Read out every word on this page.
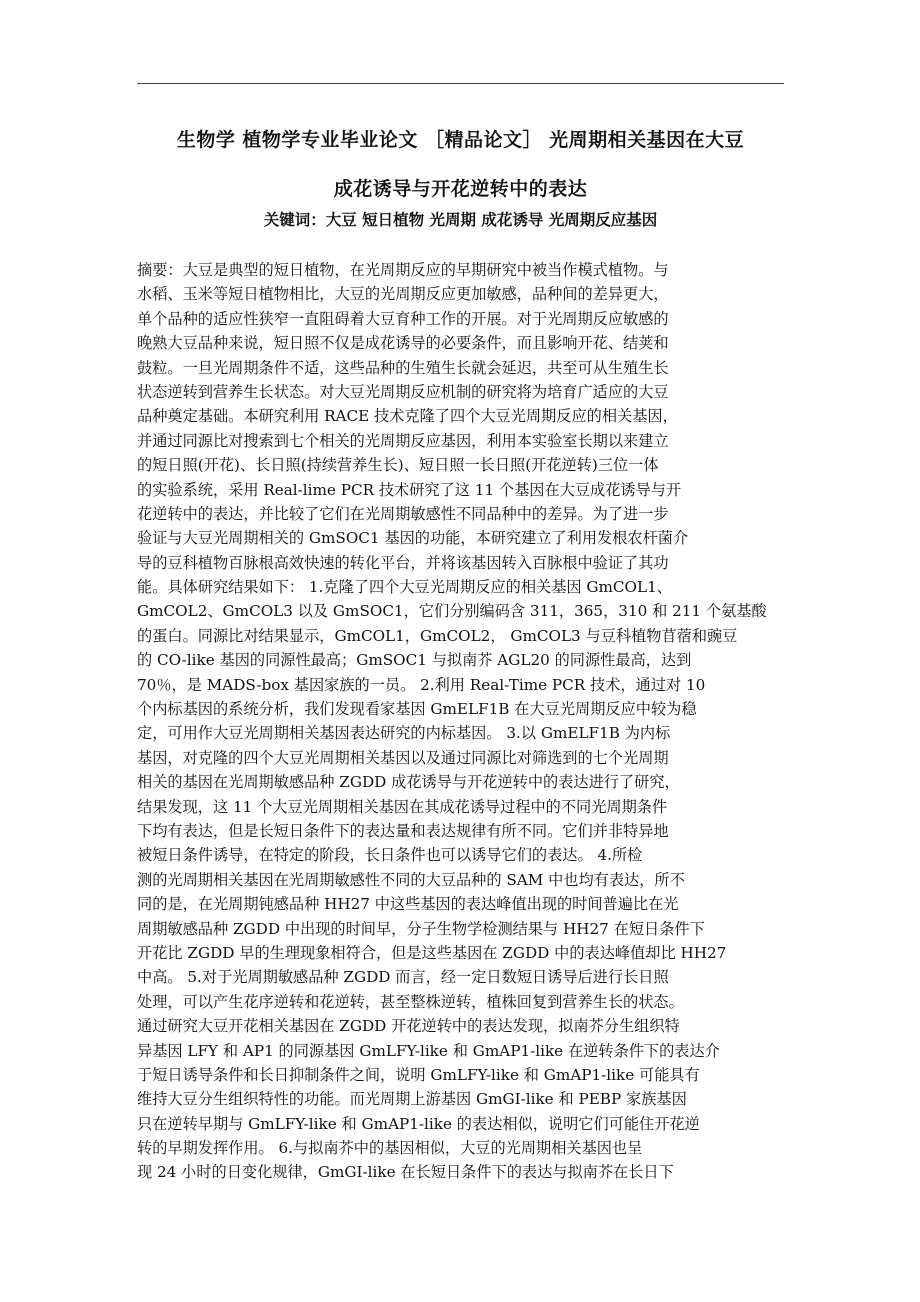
生物学 植物学专业毕业论文 ［精品论文］ 光周期相关基因在大豆
成花诱导与开花逆转中的表达
关键词：大豆 短日植物 光周期 成花诱导 光周期反应基因
摘要：大豆是典型的短日植物，在光周期反应的早期研究中被当作模式植物。与
水稻、玉米等短日植物相比，大豆的光周期反应更加敏感，品种间的差异更大，
单个品种的适应性狭窄一直阻碍着大豆育种工作的开展。对于光周期反应敏感的
晚熟大豆品种来说，短日照不仅是成花诱导的必要条件，而且影响开花、结荚和
鼓粒。一旦光周期条件不适，这些品种的生殖生长就会延迟，共至可从生殖生长
状态逆转到营养生长状态。对大豆光周期反应机制的研究将为培育广适应的大豆
品种奠定基础。本研究利用 RACE 技术克隆了四个大豆光周期反应的相关基因，
并通过同源比对搜索到七个相关的光周期反应基因，利用本实验室长期以来建立
的短日照(开花)、长日照(持续营养生长)、短日照一长日照(开花逆转)三位一体
的实验系统，采用 Real-lime PCR 技术研究了这 11 个基因在大豆成花诱导与开
花逆转中的表达，并比较了它们在光周期敏感性不同品种中的差异。为了进一步
验证与大豆光周期相关的 GmSOC1 基因的功能，本研究建立了利用发根农杆菌介
导的豆科植物百脉根高效快速的转化平台，并将该基因转入百脉根中验证了其功
能。具体研究结果如下： 1.克隆了四个大豆光周期反应的相关基因 GmCOL1、
GmCOL2、GmCOL3 以及 GmSOC1，它们分别编码含 311，365，310 和 211 个氨基酸
的蛋白。同源比对结果显示，GmCOL1，GmCOL2， GmCOL3 与豆科植物苜蓿和豌豆
的 CO-like 基因的同源性最高；GmSOC1 与拟南芥 AGL20 的同源性最高，达到
70％，是 MADS-box 基因家族的一员。 2.利用 Real-Time PCR 技术，通过对 10
个内标基因的系统分析，我们发现看家基因 GmELF1B 在大豆光周期反应中较为稳
定，可用作大豆光周期相关基因表达研究的内标基因。 3.以 GmELF1B 为内标
基因，对克隆的四个大豆光周期相关基因以及通过同源比对筛选到的七个光周期
相关的基因在光周期敏感品种 ZGDD 成花诱导与开花逆转中的表达进行了研究，
结果发现，这 11 个大豆光周期相关基因在其成花诱导过程中的不同光周期条件
下均有表达，但是长短日条件下的表达量和表达规律有所不同。它们并非特异地
被短日条件诱导，在特定的阶段，长日条件也可以诱导它们的表达。 4.所检
测的光周期相关基因在光周期敏感性不同的大豆品种的 SAM 中也均有表达，所不
同的是，在光周期钝感品种 HH27 中这些基因的表达峰值出现的时间普遍比在光
周期敏感品种 ZGDD 中出现的时间早，分子生物学检测结果与 HH27 在短日条件下
开花比 ZGDD 早的生理现象相符合，但是这些基因在 ZGDD 中的表达峰值却比 HH27
中高。 5.对于光周期敏感品种 ZGDD 而言，经一定日数短日诱导后进行长日照
处理，可以产生花序逆转和花逆转，甚至整株逆转，植株回复到营养生长的状态。
通过研究大豆开花相关基因在 ZGDD 开花逆转中的表达发现，拟南芥分生组织特
异基因 LFY 和 AP1 的同源基因 GmLFY-like 和 GmAP1-like 在逆转条件下的表达介
于短日诱导条件和长日抑制条件之间，说明 GmLFY-like 和 GmAP1-like 可能具有
维持大豆分生组织特性的功能。而光周期上游基因 GmGI-like 和 PEBP 家族基因
只在逆转早期与 GmLFY-like 和 GmAP1-like 的表达相似，说明它们可能住开花逆
转的早期发挥作用。 6.与拟南芥中的基因相似，大豆的光周期相关基因也呈
现 24 小时的日变化规律，GmGI-like 在长短日条件下的表达与拟南芥在长日下
